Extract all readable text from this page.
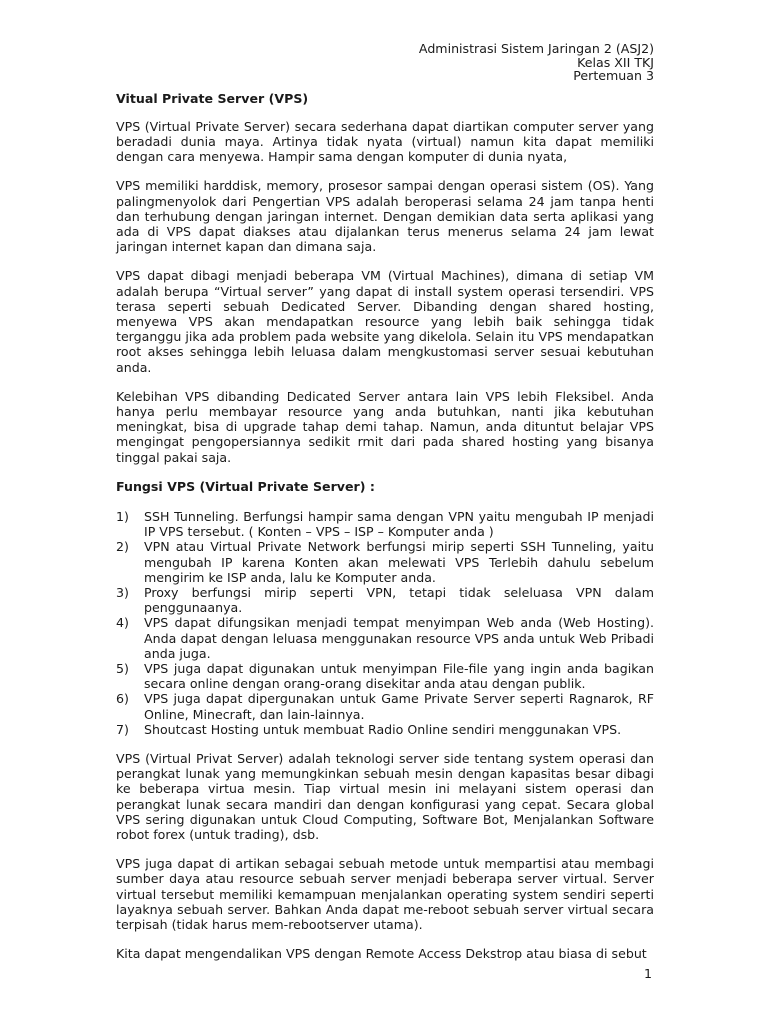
Administrasi Sistem Jaringan 2 (ASJ2)
Kelas XII TKJ
Pertemuan 3
Vitual Private Server (VPS)
VPS (Virtual Private Server) secara sederhana dapat diartikan computer server yang beradadi dunia maya. Artinya tidak nyata (virtual) namun kita dapat memiliki dengan cara menyewa. Hampir sama dengan komputer di dunia nyata,
VPS memiliki harddisk, memory, prosesor sampai dengan operasi sistem (OS). Yang palingmenyolok dari Pengertian VPS adalah beroperasi selama 24 jam tanpa henti dan terhubung dengan jaringan internet. Dengan demikian data serta aplikasi yang ada di VPS dapat diakses atau dijalankan terus menerus selama 24 jam lewat jaringan internet kapan dan dimana saja.
VPS dapat dibagi menjadi beberapa VM (Virtual Machines), dimana di setiap VM adalah berupa “Virtual server” yang dapat di install system operasi tersendiri. VPS terasa seperti sebuah Dedicated Server. Dibanding dengan shared hosting, menyewa VPS akan mendapatkan resource yang lebih baik sehingga tidak terganggu jika ada problem pada website yang dikelola. Selain itu VPS mendapatkan root akses sehingga lebih leluasa dalam mengkustomasi server sesuai kebutuhan anda.
Kelebihan VPS dibanding Dedicated Server antara lain VPS lebih Fleksibel. Anda hanya perlu membayar resource yang anda butuhkan, nanti jika kebutuhan meningkat, bisa di upgrade tahap demi tahap. Namun, anda dituntut belajar VPS mengingat pengopersiannya sedikit rmit dari pada shared hosting yang bisanya tinggal pakai saja.
Fungsi VPS (Virtual Private Server) :
1) SSH Tunneling. Berfungsi hampir sama dengan VPN yaitu mengubah IP menjadi IP VPS tersebut. ( Konten – VPS – ISP – Komputer anda )
2) VPN atau Virtual Private Network berfungsi mirip seperti SSH Tunneling, yaitu mengubah IP karena Konten akan melewati VPS Terlebih dahulu sebelum mengirim ke ISP anda, lalu ke Komputer anda.
3) Proxy berfungsi mirip seperti VPN, tetapi tidak seleluasa VPN dalam penggunaanya.
4) VPS dapat difungsikan menjadi tempat menyimpan Web anda (Web Hosting). Anda dapat dengan leluasa menggunakan resource VPS anda untuk Web Pribadi anda juga.
5) VPS juga dapat digunakan untuk menyimpan File-file yang ingin anda bagikan secara online dengan orang-orang disekitar anda atau dengan publik.
6) VPS juga dapat dipergunakan untuk Game Private Server seperti Ragnarok, RF Online, Minecraft, dan lain-lainnya.
7) Shoutcast Hosting untuk membuat Radio Online sendiri menggunakan VPS.
VPS (Virtual Privat Server) adalah teknologi server side tentang system operasi dan perangkat lunak yang memungkinkan sebuah mesin dengan kapasitas besar dibagi ke beberapa virtua mesin. Tiap virtual mesin ini melayani sistem operasi dan perangkat lunak secara mandiri dan dengan konfigurasi yang cepat. Secara global VPS sering digunakan untuk Cloud Computing, Software Bot, Menjalankan Software robot forex (untuk trading), dsb.
VPS juga dapat di artikan sebagai sebuah metode untuk mempartisi atau membagi sumber daya atau resource sebuah server menjadi beberapa server virtual. Server virtual tersebut memiliki kemampuan menjalankan operating system sendiri seperti layaknya sebuah server. Bahkan Anda dapat me-reboot sebuah server virtual secara terpisah (tidak harus mem-rebootserver utama).
Kita dapat mengendalikan VPS dengan Remote Access Dekstrop atau biasa di sebut
1
